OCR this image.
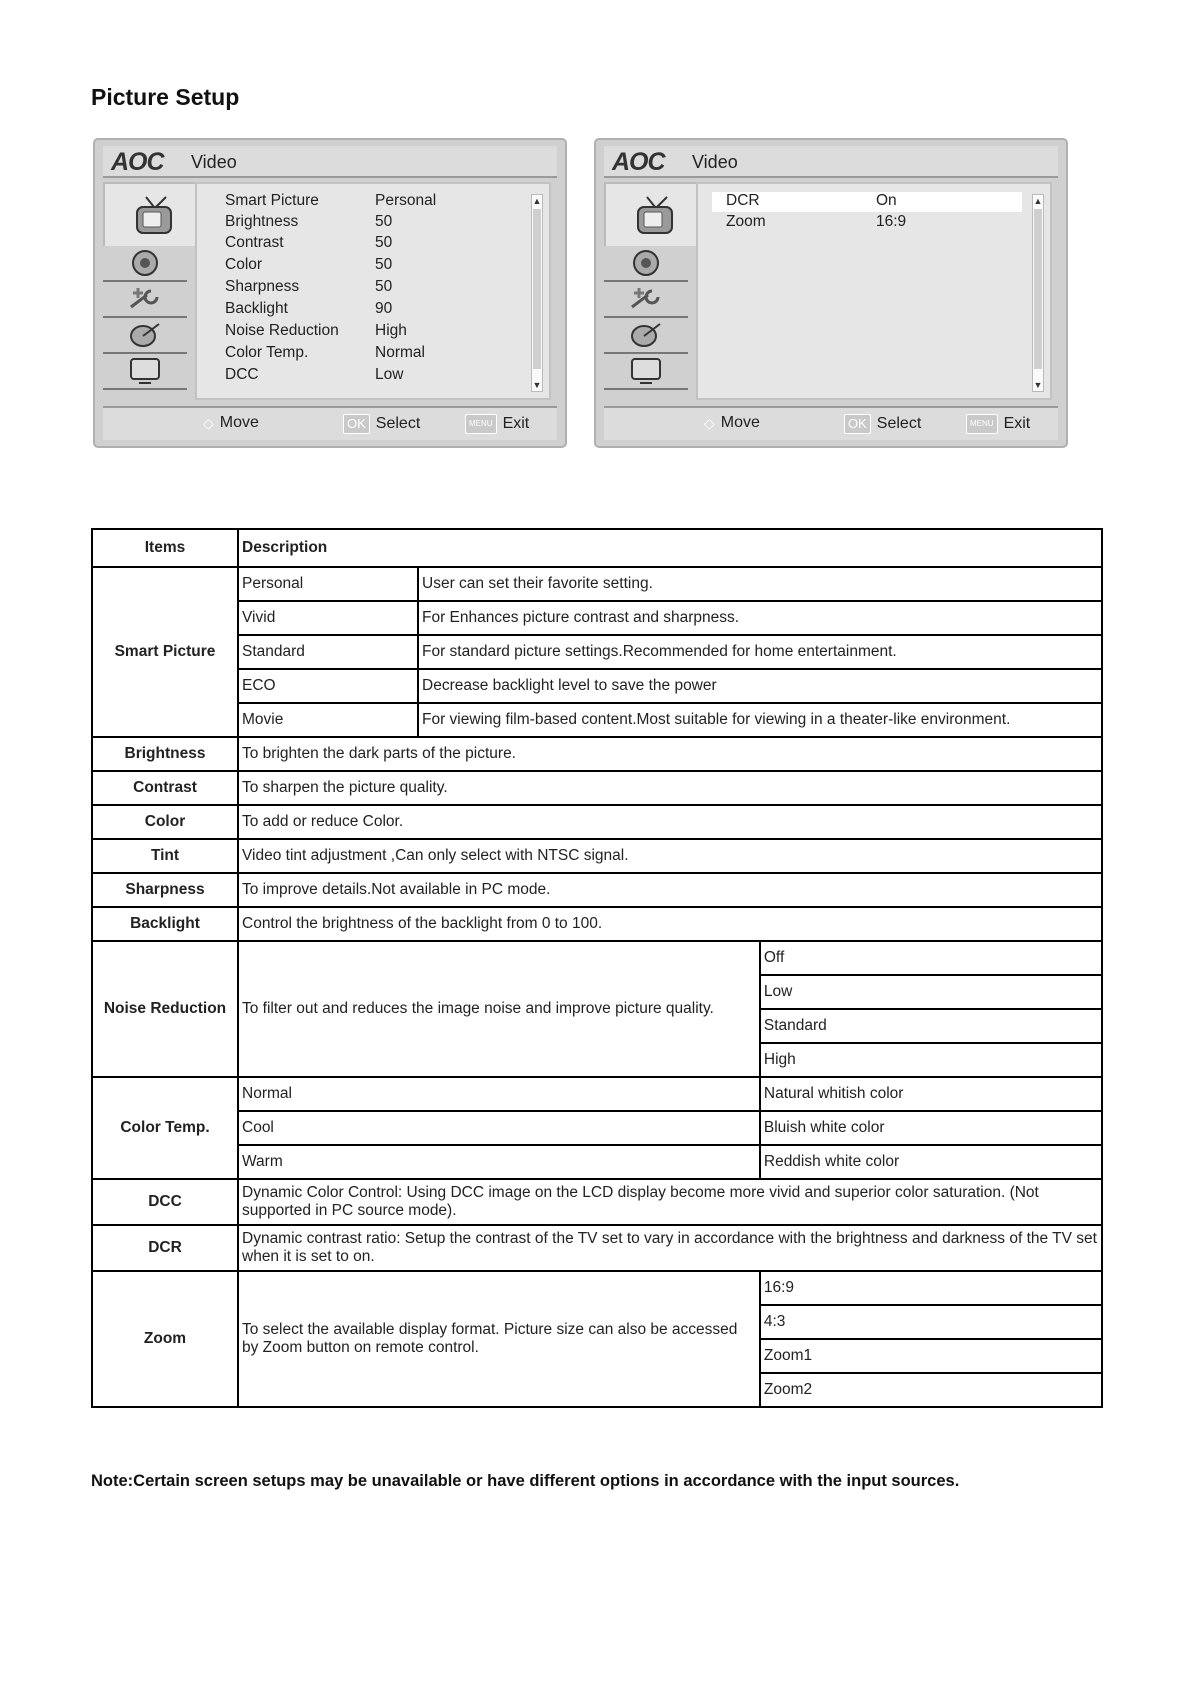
Picture Setup
AOC Video
Smart Picture	Personal
Brightness	50
Contrast	50
Color	50
Sharpness	50
Backlight	90
Noise Reduction High
Color Temp.	Normal
DCC	Low
▲
▼
◇ Move	OK Select	MENU Exit
AOC Video
DCR	On
Zoom	16:9
▲
▼
◇ Move	OK Select	MENU Exit
Items	Description		
Smart Picture	Personal	User can set their favorite setting.	
	Vivid	For Enhances picture contrast and sharpness.	
	Standard	For standard picture settings.Recommended for home entertainment.	
	ECO	Decrease backlight level to save the power	
	Movie	For viewing film-based content.Most suitable for viewing in a theater-like environment.	
Brightness	To brighten the dark parts of the picture.		
Contrast	To sharpen the picture quality.		
Color	To add or reduce Color.		
Tint	Video tint adjustment ,Can only select with NTSC signal.		
Sharpness	To improve details.Not available in PC mode.		
Backlight	Control the brightness of the backlight from 0 to 100.		
Noise Reduction	To filter out and reduces the image noise and improve picture quality.		Off
			Low
			Standard
			High
Color Temp.	Normal		Natural whitish color
	Cool		Bluish white color
	Warm		Reddish white color
DCC	Dynamic Color Control: Using DCC image on the LCD display become more vivid and superior color saturation. (Not supported in PC source mode).		
DCR	Dynamic contrast ratio: Setup the contrast of the TV set to vary in accordance with the brightness and darkness of the TV set when it is set to on.		
Zoom	To select the available display format. Picture size can also be accessed by Zoom button on remote control.		16:9
			4:3
			Zoom1
			Zoom2

Note:Certain screen setups may be unavailable or have different options in accordance with the input sources.
